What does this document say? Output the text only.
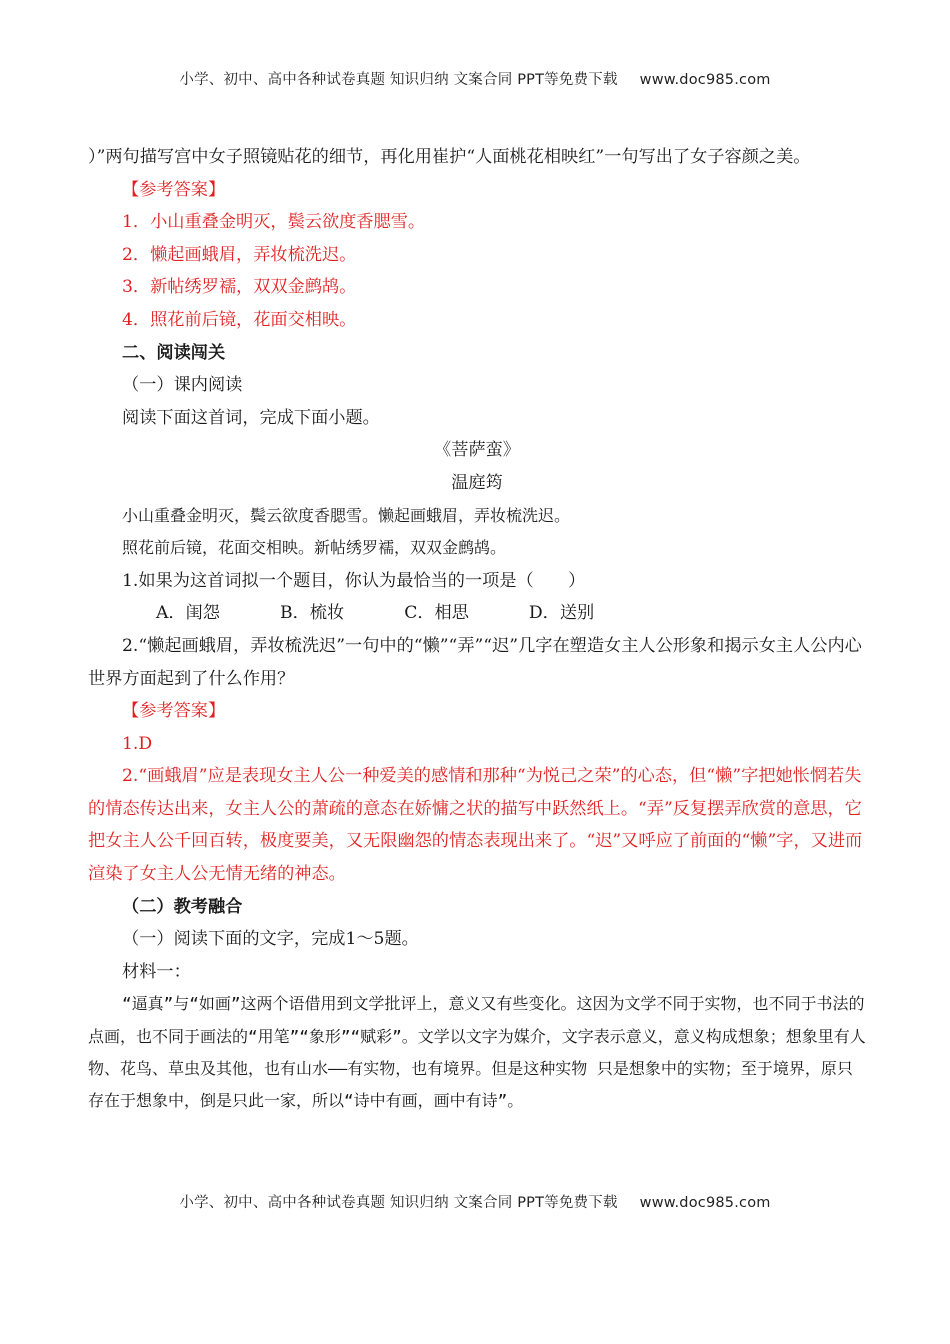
小学、初中、高中各种试卷真题 知识归纳 文案合同 PPT等免费下载 www.doc985.com

）”两句描写宫中女子照镜贴花的细节，再化用崔护“人面桃花相映红”一句写出了女子容颜之美。

【参考答案】

1．小山重叠金明灭，鬓云欲度香腮雪。

2．懒起画蛾眉，弄妆梳洗迟。

3．新帖绣罗襦，双双金鹧鸪。

4．照花前后镜，花面交相映。

二、阅读闯关

（一）课内阅读

阅读下面这首词，完成下面小题。

《菩萨蛮》

温庭筠

小山重叠金明灭，鬓云欲度香腮雪。懒起画蛾眉，弄妆梳洗迟。

照花前后镜，花面交相映。新帖绣罗襦，双双金鹧鸪。

1.如果为这首词拟一个题目，你认为最恰当的一项是（　　）

A．闺怨	B．梳妆	C．相思	D．送别

2.“懒起画蛾眉，弄妆梳洗迟”一句中的“懒”“弄”“迟”几字在塑造女主人公形象和揭示女主人公内心世界方面起到了什么作用？

【参考答案】

1.D

2.“画蛾眉”应是表现女主人公一种爱美的感情和那种“为悦己之荣”的心态，但“懒”字把她怅惘若失的情态传达出来，女主人公的萧疏的意态在娇慵之状的描写中跃然纸上。“弄”反复摆弄欣赏的意思，它把女主人公千回百转，极度要美，又无限幽怨的情态表现出来了。“迟”又呼应了前面的“懒”字，又进而渲染了女主人公无情无绪的神态。

（二）教考融合

（一）阅读下面的文字，完成1～5题。

材料一：

“逼真”与“如画”这两个语借用到文学批评上，意义又有些变化。这因为文学不同于实物，也不同于书法的点画，也不同于画法的“用笔”“象形”“赋彩”。文学以文字为媒介，文字表示意义，意义构成想象；想象里有人物、花鸟、草虫及其他，也有山水——有实物，也有境界。但是这种实物 只是想象中的实物；至于境界，原只存在于想象中，倒是只此一家，所以“诗中有画，画中有诗”。

小学、初中、高中各种试卷真题 知识归纳 文案合同 PPT等免费下载 www.doc985.com
